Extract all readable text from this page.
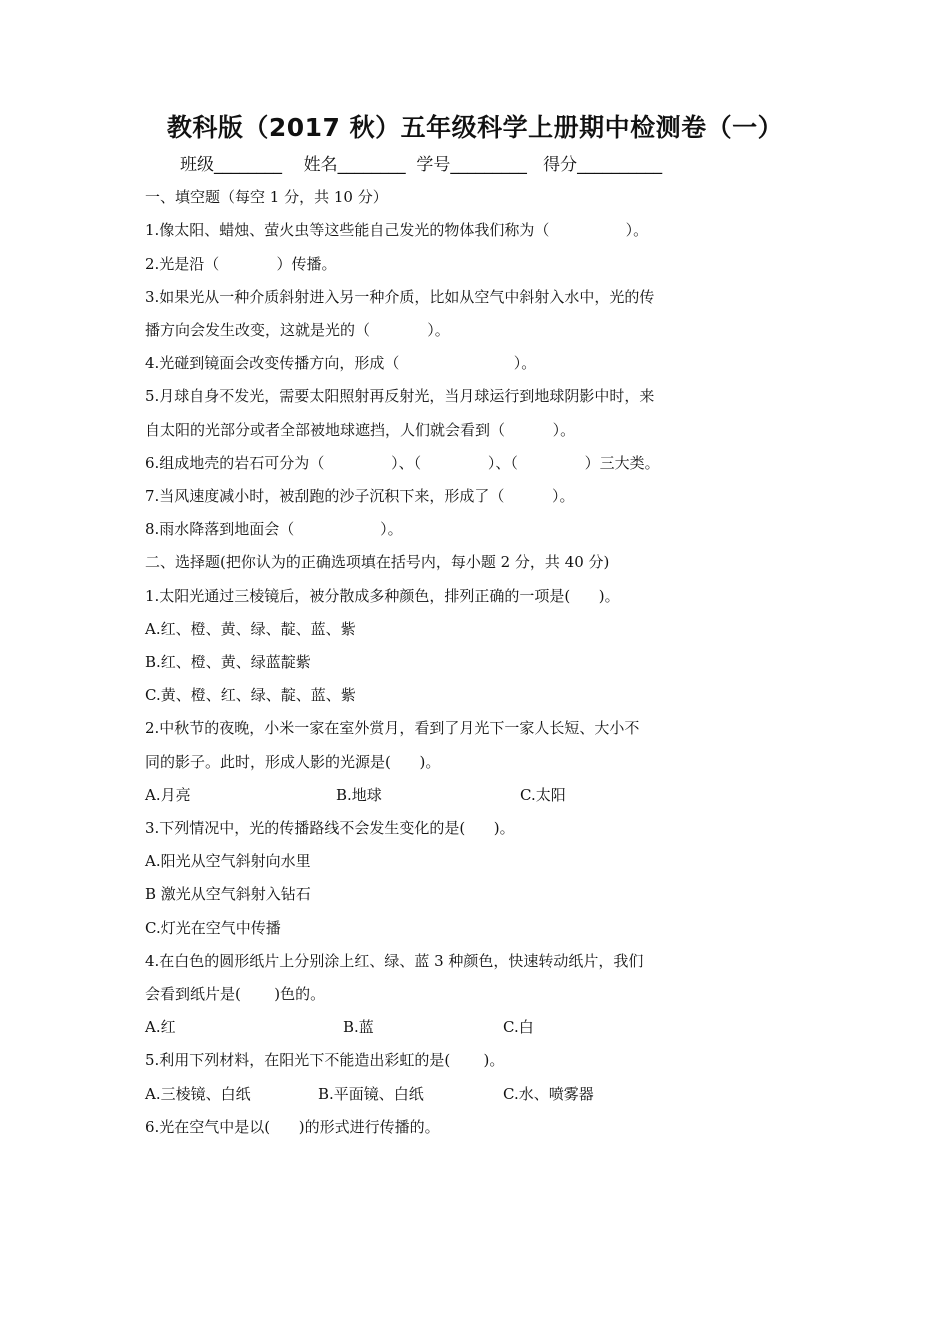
教科版（2017 秋）五年级科学上册期中检测卷（一）
班级________    姓名________  学号_________   得分__________
一、填空题（每空 1 分，共 10 分）
1.像太阳、蜡烛、萤火虫等这些能自己发光的物体我们称为（                ）。
2.光是沿（            ）传播。
3.如果光从一种介质斜射进入另一种介质，比如从空气中斜射入水中，光的传
播方向会发生改变，这就是光的（            ）。
4.光碰到镜面会改变传播方向，形成（                        ）。
5.月球自身不发光，需要太阳照射再反射光，当月球运行到地球阴影中时，来
自太阳的光部分或者全部被地球遮挡，人们就会看到（          ）。
6.组成地壳的岩石可分为（              ）、（              ）、（              ）三大类。
7.当风速度减小时，被刮跑的沙子沉积下来，形成了（          ）。
8.雨水降落到地面会（                  ）。
二、选择题(把你认为的正确选项填在括号内，每小题 2 分，共 40 分)
1.太阳光通过三棱镜后，被分散成多种颜色，排列正确的一项是(      )。
A.红、橙、黄、绿、靛、蓝、紫
B.红、橙、黄、绿蓝靛紫
C.黄、橙、红、绿、靛、蓝、紫
2.中秋节的夜晚，小米一家在室外赏月，看到了月光下一家人长短、大小不
同的影子。此时，形成人影的光源是(      )。
A.月亮	B.地球	C.太阳
3.下列情况中，光的传播路线不会发生变化的是(      )。
A.阳光从空气斜射向水里
B 激光从空气斜射入钻石
C.灯光在空气中传播
4.在白色的圆形纸片上分别涂上红、绿、蓝 3 种颜色，快速转动纸片，我们
会看到纸片是(       )色的。
A.红	B.蓝	C.白
5.利用下列材料，在阳光下不能造出彩虹的是(       )。
A.三棱镜、白纸	B.平面镜、白纸	C.水、喷雾器
6.光在空气中是以(      )的形式进行传播的。
